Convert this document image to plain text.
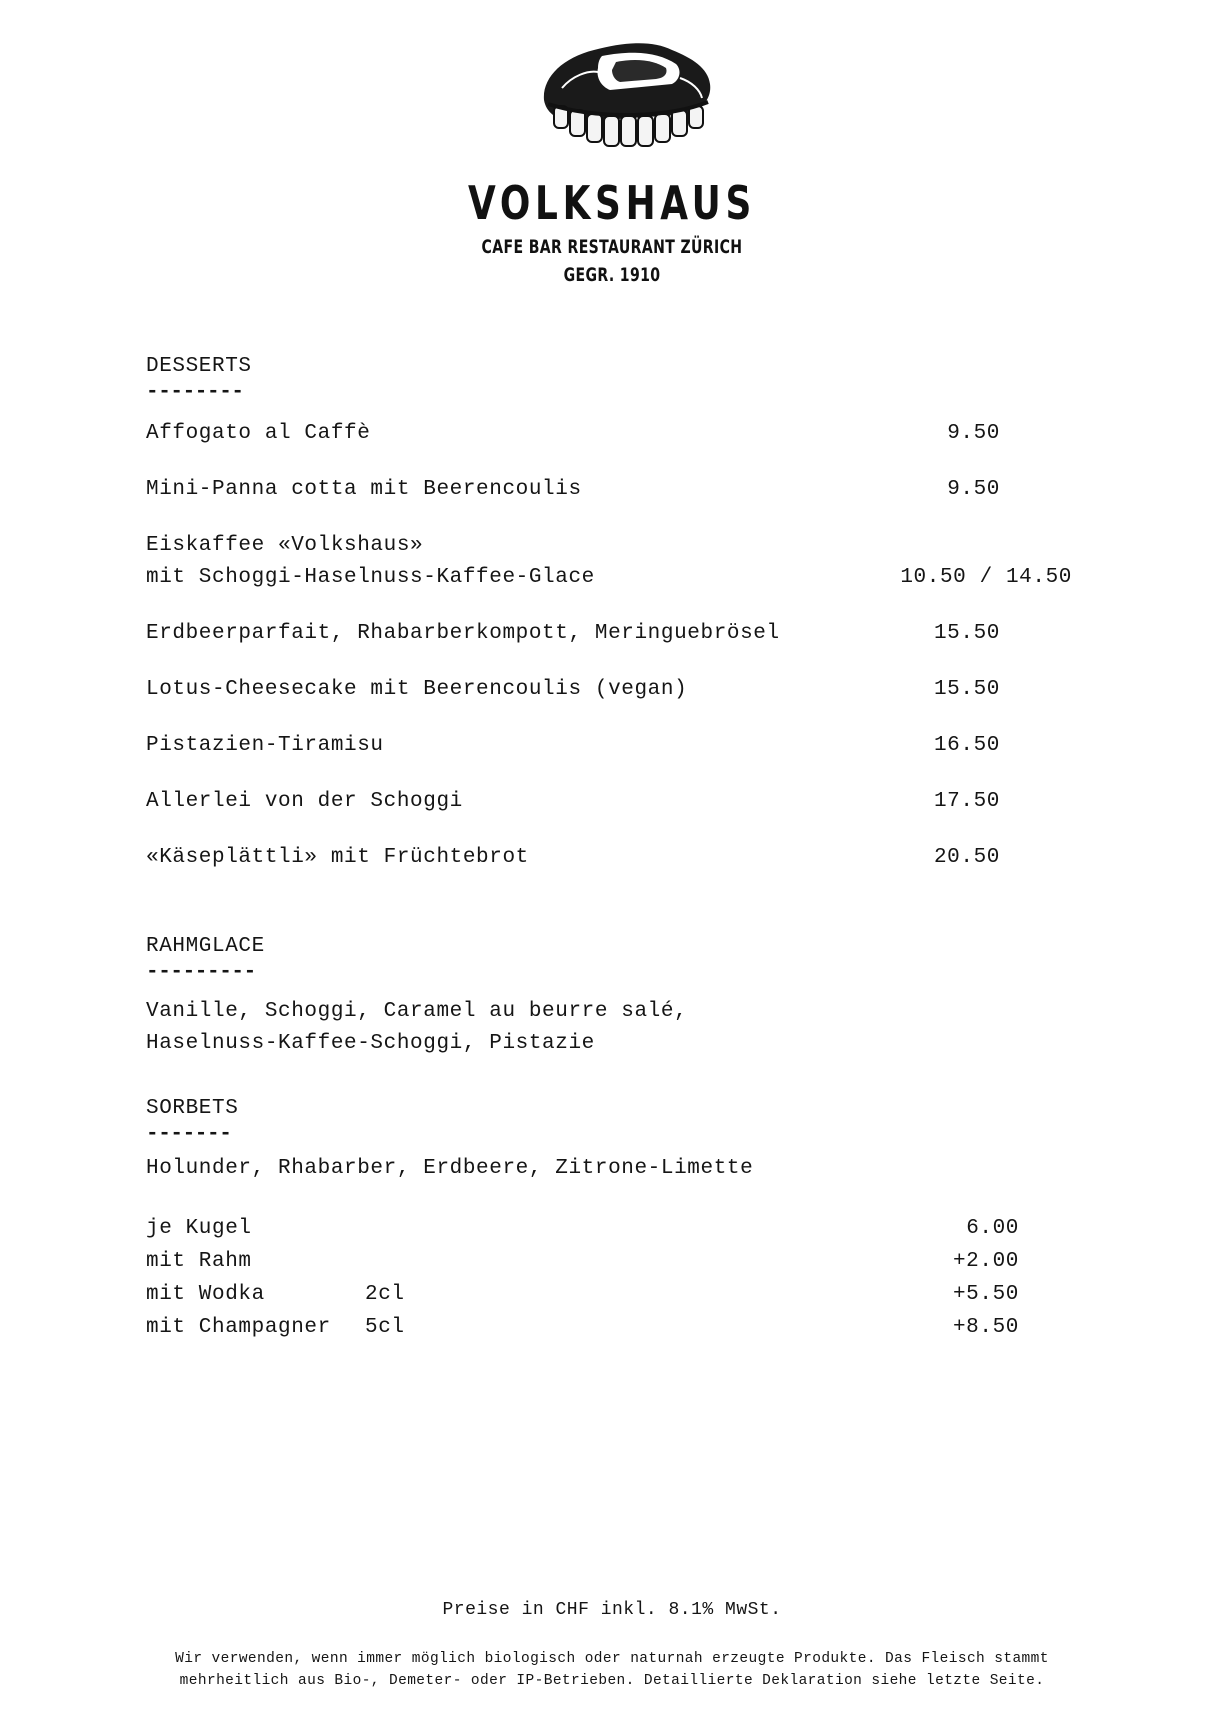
VOLKSHAUS
CAFE BAR RESTAURANT ZÜRICH
GEGR. 1910
DESSERTS
--------
Affogato al Caffè	9.50
Mini-Panna cotta mit Beerencoulis	9.50
Eiskaffee «Volkshaus»
mit Schoggi-Haselnuss-Kaffee-Glace	10.50 / 14.50
Erdbeerparfait, Rhabarberkompott, Meringuebrösel	15.50
Lotus-Cheesecake mit Beerencoulis (vegan)	15.50
Pistazien-Tiramisu	16.50
Allerlei von der Schoggi	17.50
«Käseplättli» mit Früchtebrot	20.50
RAHMGLACE
---------
Vanille, Schoggi, Caramel au beurre salé,
Haselnuss-Kaffee-Schoggi, Pistazie
SORBETS
-------
Holunder, Rhabarber, Erdbeere, Zitrone-Limette
je Kugel	6.00
mit Rahm	+2.00
mit Wodka	2cl	+5.50
mit Champagner 5cl	+8.50
Preise in CHF inkl. 8.1% MwSt.
Wir verwenden, wenn immer möglich biologisch oder naturnah erzeugte Produkte. Das Fleisch stammt
mehrheitlich aus Bio-, Demeter- oder IP-Betrieben. Detaillierte Deklaration siehe letzte Seite.
